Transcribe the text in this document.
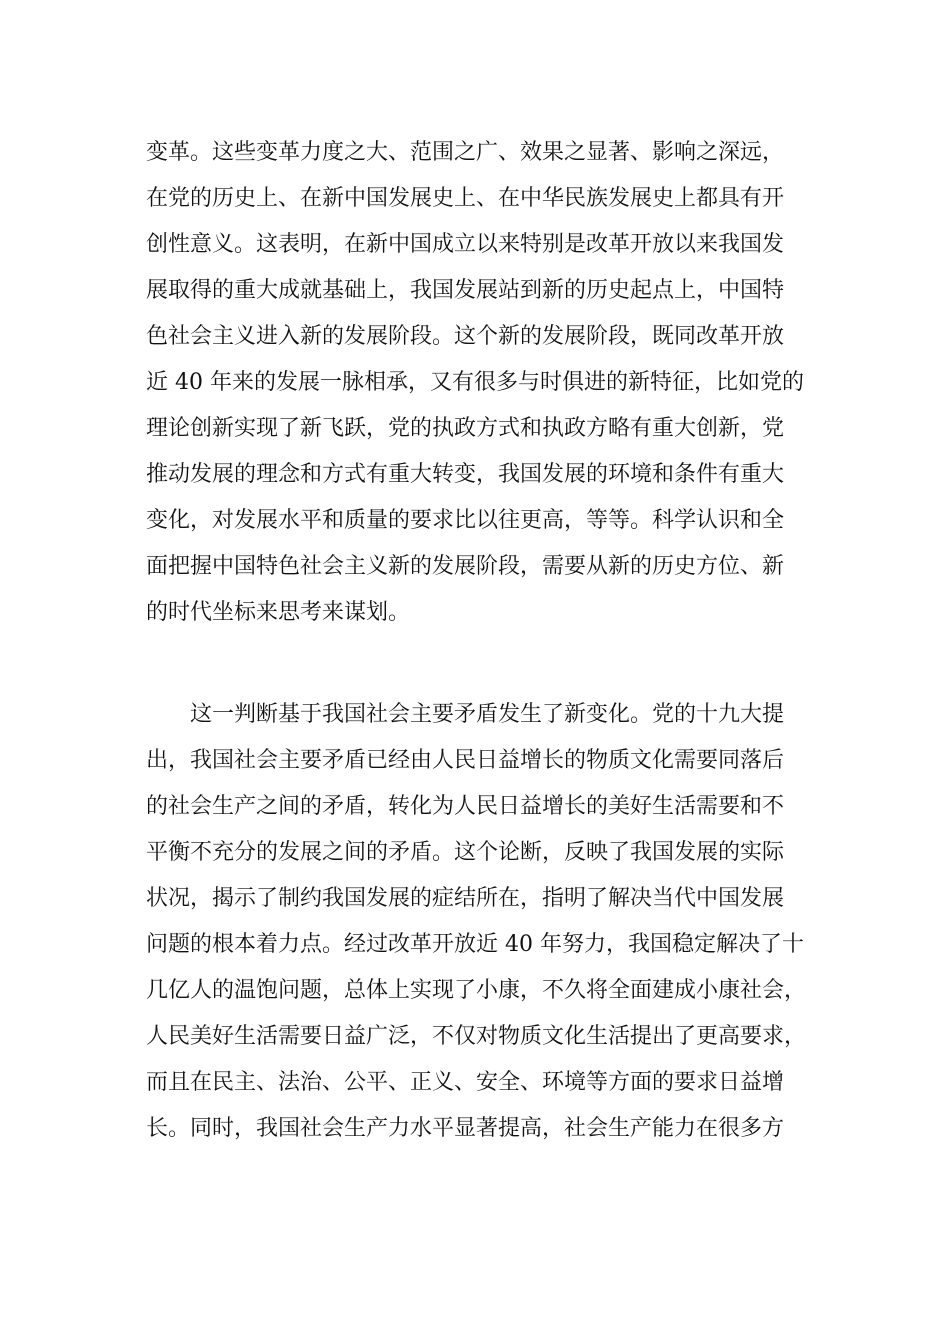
变革。这些变革力度之大、范围之广、效果之显著、影响之深远，
在党的历史上、在新中国发展史上、在中华民族发展史上都具有开
创性意义。这表明，在新中国成立以来特别是改革开放以来我国发
展取得的重大成就基础上，我国发展站到新的历史起点上，中国特
色社会主义进入新的发展阶段。这个新的发展阶段，既同改革开放
近 40 年来的发展一脉相承，又有很多与时俱进的新特征，比如党的
理论创新实现了新飞跃，党的执政方式和执政方略有重大创新，党
推动发展的理念和方式有重大转变，我国发展的环境和条件有重大
变化，对发展水平和质量的要求比以往更高，等等。科学认识和全
面把握中国特色社会主义新的发展阶段，需要从新的历史方位、新
的时代坐标来思考来谋划。
这一判断基于我国社会主要矛盾发生了新变化。党的十九大提
出，我国社会主要矛盾已经由人民日益增长的物质文化需要同落后
的社会生产之间的矛盾，转化为人民日益增长的美好生活需要和不
平衡不充分的发展之间的矛盾。这个论断，反映了我国发展的实际
状况，揭示了制约我国发展的症结所在，指明了解决当代中国发展
问题的根本着力点。经过改革开放近 40 年努力，我国稳定解决了十
几亿人的温饱问题，总体上实现了小康，不久将全面建成小康社会，
人民美好生活需要日益广泛，不仅对物质文化生活提出了更高要求，
而且在民主、法治、公平、正义、安全、环境等方面的要求日益增
长。同时，我国社会生产力水平显著提高，社会生产能力在很多方
